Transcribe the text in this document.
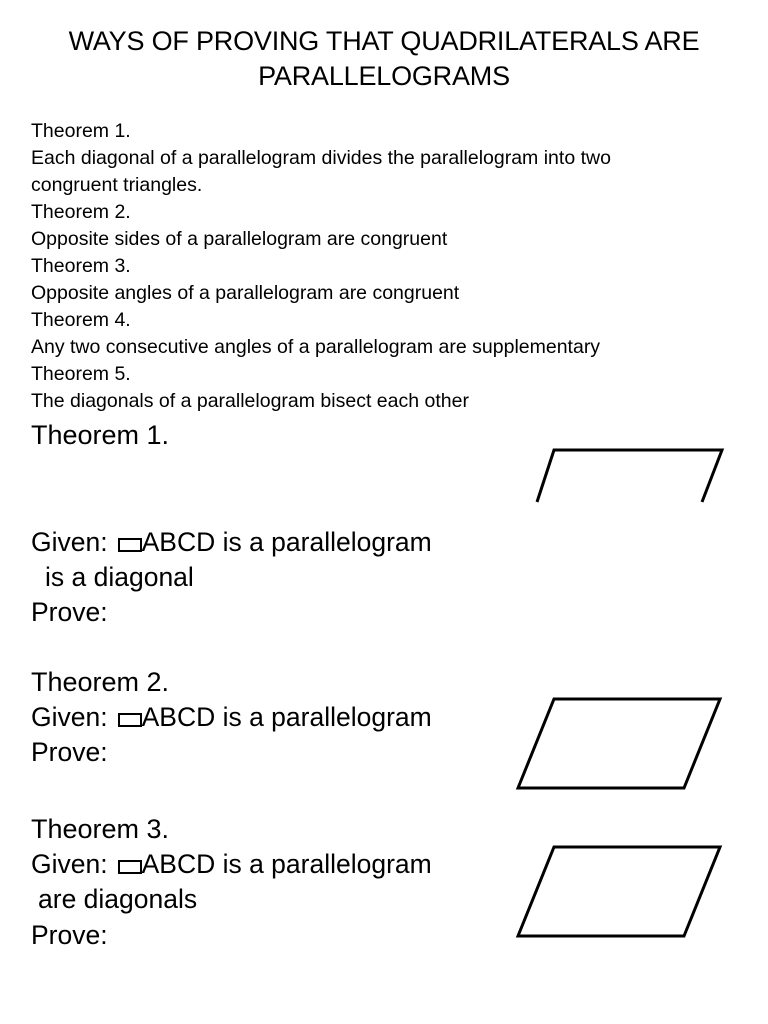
WAYS OF PROVING THAT QUADRILATERALS ARE
PARALLELOGRAMS
Theorem 1.
Each diagonal of a parallelogram divides the parallelogram into two
congruent triangles.
Theorem 2.
Opposite sides of a parallelogram are congruent
Theorem 3.
Opposite angles of a parallelogram are congruent
Theorem 4.
Any two consecutive angles of a parallelogram are supplementary
Theorem 5.
The diagonals of a parallelogram bisect each other
Theorem 1.
Given: ABCD is a parallelogram
is a diagonal
Prove:
Theorem 2.
Given: ABCD is a parallelogram
Prove:
Theorem 3.
Given: ABCD is a parallelogram
are diagonals
Prove:
